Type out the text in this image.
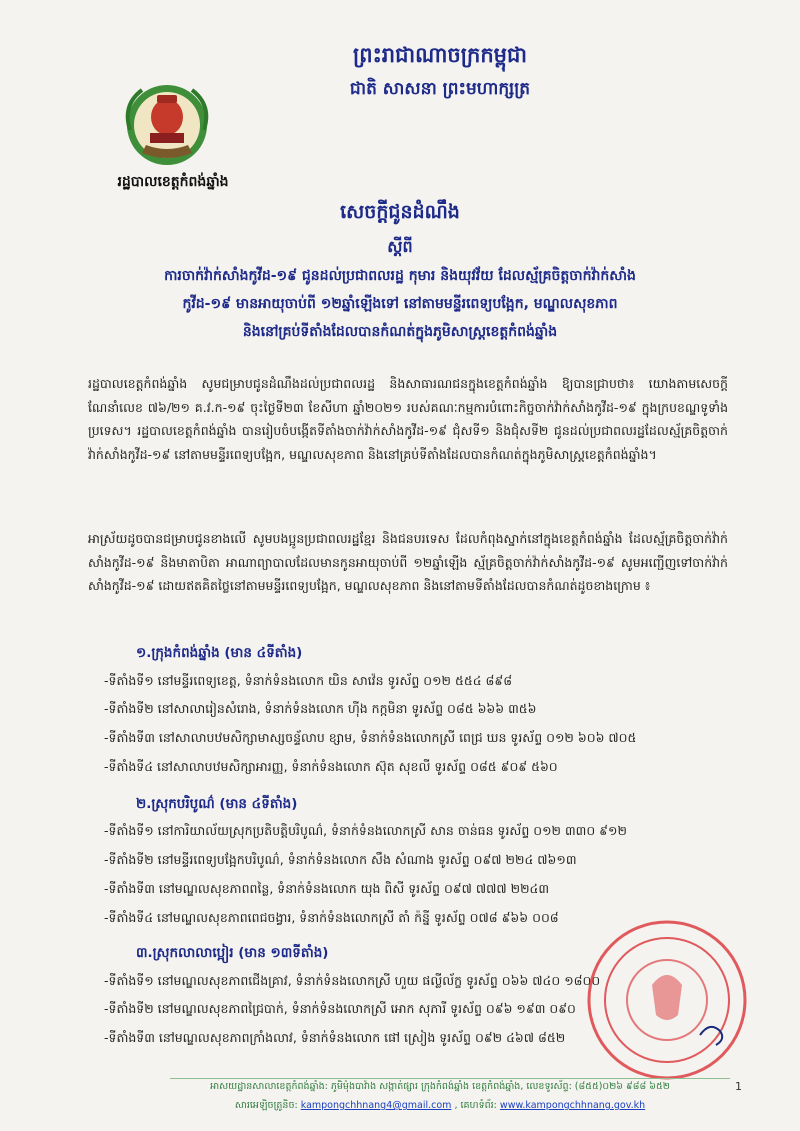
ព្រះរាជាណាចក្រកម្ពុជា
ជាតិ សាសនា ព្រះមហាក្សត្រ
រដ្ឋបាលខេត្តកំពង់ឆ្នាំង
សេចក្តីជូនដំណឹង
ស្តីពី
ការចាក់វ៉ាក់សាំងកូវីដ-១៩ ជូនដល់ប្រជាពលរដ្ឋ កុមារ និងយុវវ័យ ដែលស្ម័គ្រចិត្តចាក់វ៉ាក់សាំង
កូវីដ-១៩ មានអាយុចាប់ពី ១២ឆ្នាំឡើងទៅ នៅតាមមន្ទីរពេទ្យបង្អែក, មណ្ឌលសុខភាព
និងនៅគ្រប់ទីតាំងដែលបានកំណត់ក្នុងភូមិសាស្ត្រខេត្តកំពង់ឆ្នាំង
រដ្ឋបាលខេត្តកំពង់ឆ្នាំង សូមជម្រាបជូនដំណឹងដល់ប្រជាពលរដ្ឋ និងសាធារណជនក្នុងខេត្តកំពង់ឆ្នាំង ឱ្យបានជ្រាបថា៖ យោងតាមសេចក្តីណែនាំលេខ ៧៦/២១ គ.វ.ក-១៩ ចុះថ្ងៃទី២៣ ខែសីហា ឆ្នាំ២០២១ របស់គណៈកម្មការបំពោះកិច្ចចាក់វ៉ាក់សាំងកូវីដ-១៩ ក្នុងក្របខណ្ឌទូទាំងប្រទេស។ រដ្ឋបាលខេត្តកំពង់ឆ្នាំង បានរៀបចំបង្កើតទីតាំងចាក់វ៉ាក់សាំងកូវីដ-១៩ ជុំសទី១ និងជុំសទី២ ជូនដល់ប្រជាពលរដ្ឋដែលស្ម័គ្រចិត្តចាក់វ៉ាក់សាំងកូវីដ-១៩ នៅតាមមន្ទីរពេទ្យបង្អែក, មណ្ឌលសុខភាព និងនៅគ្រប់ទីតាំងដែលបានកំណត់ក្នុងភូមិសាស្ត្រខេត្តកំពង់ឆ្នាំង។
អាស្រ័យដូចបានជម្រាបជូនខាងលើ សូមបងប្អូនប្រជាពលរដ្ឋខ្មែរ និងជនបរទេស ដែលកំពុងស្នាក់នៅក្នុងខេត្តកំពង់ឆ្នាំង ដែលស្ម័គ្រចិត្តចាក់វ៉ាក់សាំងកូវីដ-១៩ និងមាតាបិតា អាណាព្យាបាលដែលមានកូនអាយុចាប់ពី ១២ឆ្នាំឡើង ស្ម័គ្រចិត្តចាក់វ៉ាក់សាំងកូវីដ-១៩ សូមអញ្ជើញទៅចាក់វ៉ាក់សាំងកូវីដ-១៩ ដោយឥតគិតថ្លៃនៅតាមមន្ទីរពេទ្យបង្អែក, មណ្ឌលសុខភាព និងនៅតាមទីតាំងដែលបានកំណត់ដូចខាងក្រោម ៖
១.ក្រុងកំពង់ឆ្នាំង (មាន ៤ទីតាំង)
-ទីតាំងទី១ នៅមន្ទីរពេទ្យខេត្ត, ទំនាក់ទំនងលោក យិន សាវ៉េន ទូរស័ព្ទ ០១២ ៥៥៤ ៨៩៨
-ទីតាំងទី២ នៅសាលារៀនសំរោង, ទំនាក់ទំនងលោក ហ៊ីង កក្កមិនា ទូរស័ព្ទ ០៨៥ ៦៦៦ ៣៥៦
-ទីតាំងទី៣ នៅសាលាបឋមសិក្សាមាស្សចន្ទ័លាប ខ្សាម, ទំនាក់ទំនងលោកស្រី ពេជ្រ ឃន ទូរស័ព្ទ ០១២ ៦០៦ ៧០៥
-ទីតាំងទី៤ នៅសាលាបឋមសិក្សាអារញ្ញ, ទំនាក់ទំនងលោក ស៊ុត សុខលី ទូរស័ព្ទ ០៨៥ ៩០៩ ៥៦០
២.ស្រុកបរិបូណ៌ (មាន ៤ទីតាំង)
-ទីតាំងទី១ នៅការិយាល័យស្រុកប្រតិបត្តិបរិបូណ៌, ទំនាក់ទំនងលោកស្រី សាន ចាន់ធន ទូរស័ព្ទ ០១២ ៣៣០ ៩១២
-ទីតាំងទី២ នៅមន្ទីរពេទ្យបង្អែកបរិបូណ៌, ទំនាក់ទំនងលោក សឹង សំណាង ទូរស័ព្ទ ០៩៧ ២២៤ ៧៦១៣
-ទីតាំងទី៣ នៅមណ្ឌលសុខភាពពន្លៃ, ទំនាក់ទំនងលោក យុង ពិសី ទូរស័ព្ទ ០៩៧ ៧៧៧ ២២៤៣
-ទីតាំងទី៤ នៅមណ្ឌលសុខភាពពេជចង្វារ, ទំនាក់ទំនងលោកស្រី តាំ ក៉ន្នី ទូរស័ព្ទ ០៧៨ ៩៦៦ ០០៨
៣.ស្រុកលាលាប្អៀរ (មាន ១៣ទីតាំង)
-ទីតាំងទី១ នៅមណ្ឌលសុខភាពជើងគ្រាវ, ទំនាក់ទំនងលោកស្រី ហួយ ផល្លីល័ក្ខ ទូរស័ព្ទ ០៦៦ ៧៤០ ១៨០០
-ទីតាំងទី២ នៅមណ្ឌលសុខភាពជ្រៃបាក់, ទំនាក់ទំនងលោកស្រី អោក សុភារី ទូរស័ព្ទ ០៩៦ ១៩៣ ០៩០
-ទីតាំងទី៣ នៅមណ្ឌលសុខភាពក្រាំងលាវ, ទំនាក់ទំនងលោក ផៅ ស្រៀង ទូរស័ព្ទ ០៩២ ៤៦៧ ៨៥២
អាសយដ្ឋានសាលាខេត្តកំពង់ឆ្នាំង: ភូមិម៉ុងបាវ៉ាង សង្កាត់ផ្សារ ក្រុងកំពង់ឆ្នាំង ខេត្តកំពង់ឆ្នាំង, លេខទូរស័ព្ទ: (៨៥៥)០២៦ ៩៨៨ ៦៥២
សារអេឡិចត្រូនិច: kampongchhnang4@gmail.com , គេហទំព័រ: www.kampongchhnang.gov.kh
1
